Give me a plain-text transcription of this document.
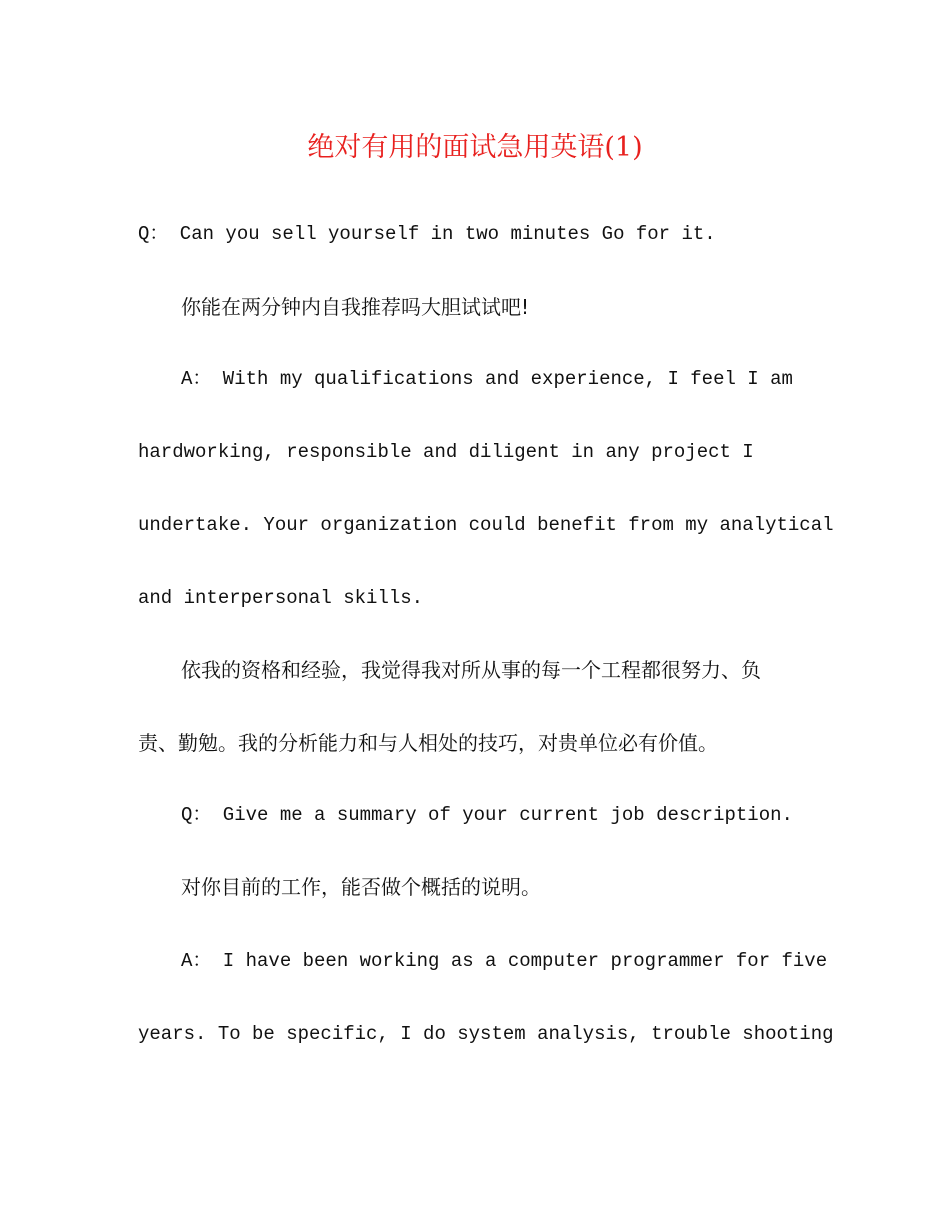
绝对有用的面试急用英语(1)

Q： Can you sell yourself in two minutes Go for it.

你能在两分钟内自我推荐吗大胆试试吧!

A： With my qualifications and experience, I feel I am

hardworking, responsible and diligent in any project I

undertake. Your organization could benefit from my analytical

and interpersonal skills.

依我的资格和经验，我觉得我对所从事的每一个工程都很努力、负

责、勤勉。我的分析能力和与人相处的技巧，对贵单位必有价值。

Q： Give me a summary of your current job description.

对你目前的工作，能否做个概括的说明。

A： I have been working as a computer programmer for five

years. To be specific, I do system analysis, trouble shooting
